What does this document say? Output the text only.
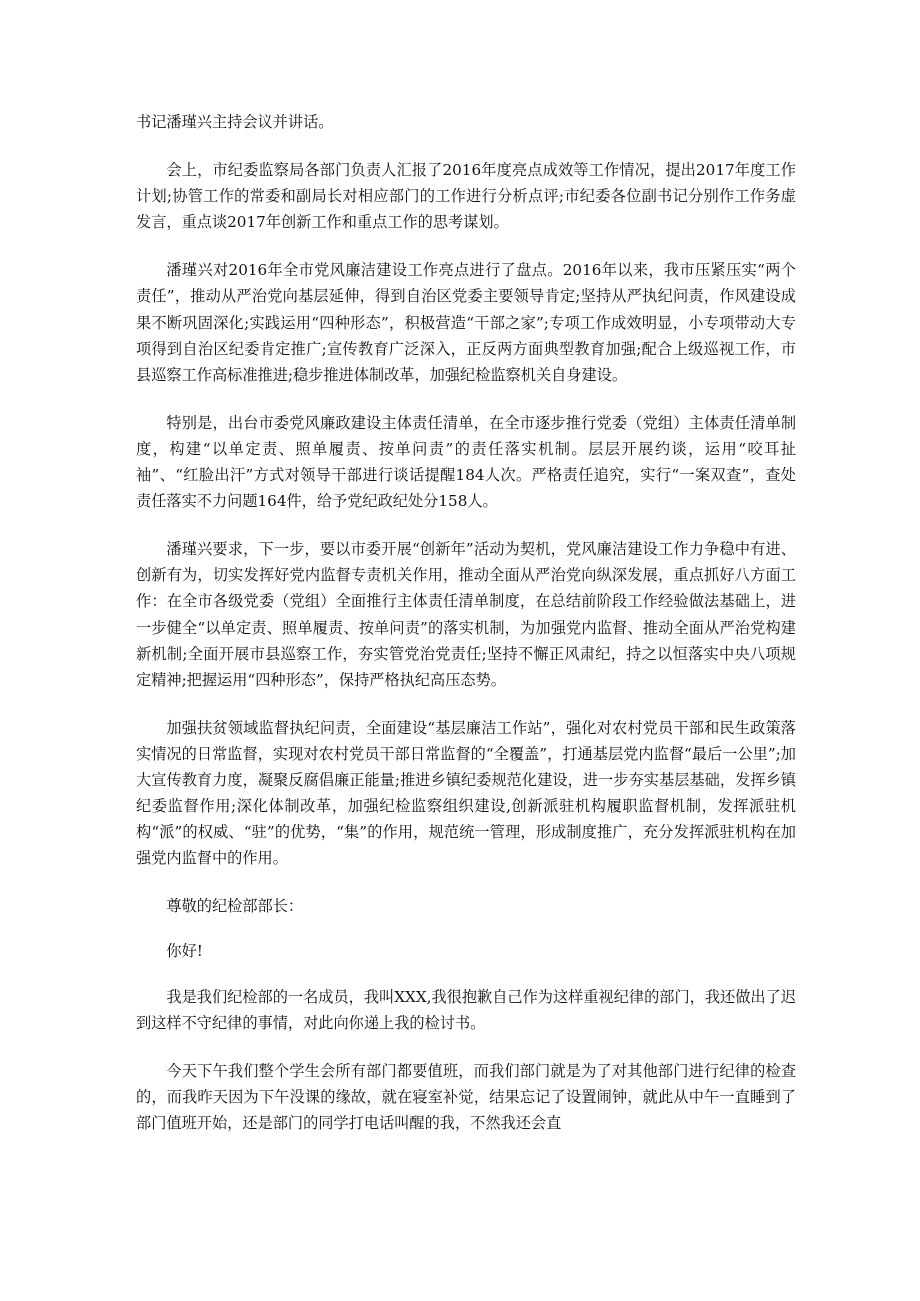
书记潘瑾兴主持会议并讲话。

会上，市纪委监察局各部门负责人汇报了2016年度亮点成效等工作情况，提出2017年度工作计划;协管工作的常委和副局长对相应部门的工作进行分析点评;市纪委各位副书记分别作工作务虚发言，重点谈2017年创新工作和重点工作的思考谋划。

潘瑾兴对2016年全市党风廉洁建设工作亮点进行了盘点。2016年以来，我市压紧压实“两个责任”，推动从严治党向基层延伸，得到自治区党委主要领导肯定;坚持从严执纪问责，作风建设成果不断巩固深化;实践运用“四种形态”，积极营造“干部之家”;专项工作成效明显，小专项带动大专项得到自治区纪委肯定推广;宣传教育广泛深入，正反两方面典型教育加强;配合上级巡视工作，市县巡察工作高标准推进;稳步推进体制改革，加强纪检监察机关自身建设。

特别是，出台市委党风廉政建设主体责任清单，在全市逐步推行党委（党组）主体责任清单制度，构建“以单定责、照单履责、按单问责”的责任落实机制。层层开展约谈，运用“咬耳扯袖”、“红脸出汗”方式对领导干部进行谈话提醒184人次。严格责任追究，实行“一案双查”，查处责任落实不力问题164件，给予党纪政纪处分158人。

潘瑾兴要求，下一步，要以市委开展“创新年”活动为契机，党风廉洁建设工作力争稳中有进、创新有为，切实发挥好党内监督专责机关作用，推动全面从严治党向纵深发展，重点抓好八方面工作：在全市各级党委（党组）全面推行主体责任清单制度，在总结前阶段工作经验做法基础上，进一步健全“以单定责、照单履责、按单问责”的落实机制，为加强党内监督、推动全面从严治党构建新机制;全面开展市县巡察工作，夯实管党治党责任;坚持不懈正风肃纪，持之以恒落实中央八项规定精神;把握运用“四种形态”，保持严格执纪高压态势。

加强扶贫领域监督执纪问责，全面建设“基层廉洁工作站”，强化对农村党员干部和民生政策落实情况的日常监督，实现对农村党员干部日常监督的“全覆盖”，打通基层党内监督“最后一公里”;加大宣传教育力度，凝聚反腐倡廉正能量;推进乡镇纪委规范化建设，进一步夯实基层基础，发挥乡镇纪委监督作用;深化体制改革，加强纪检监察组织建设,创新派驻机构履职监督机制，发挥派驻机构“派”的权威、“驻”的优势，“集”的作用，规范统一管理，形成制度推广，充分发挥派驻机构在加强党内监督中的作用。

尊敬的纪检部部长：

你好!

我是我们纪检部的一名成员，我叫XXX,我很抱歉自己作为这样重视纪律的部门，我还做出了迟到这样不守纪律的事情，对此向你递上我的检讨书。

今天下午我们整个学生会所有部门都要值班，而我们部门就是为了对其他部门进行纪律的检查的，而我昨天因为下午没课的缘故，就在寝室补觉，结果忘记了设置闹钟，就此从中午一直睡到了部门值班开始，还是部门的同学打电话叫醒的我，不然我还会直
